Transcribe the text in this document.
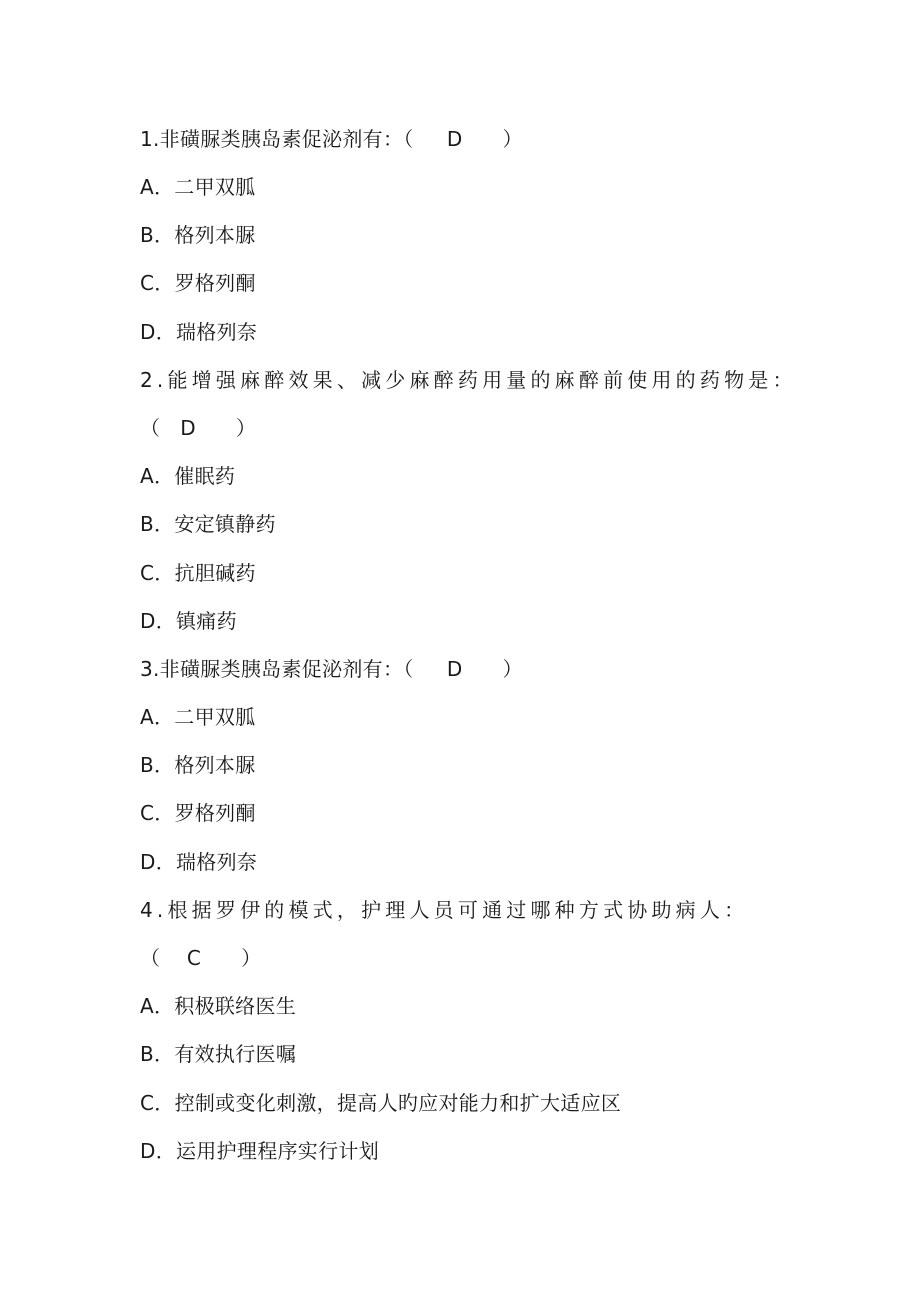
1.非磺脲类胰岛素促泌剂有：（     D      ）
A．二甲双胍
B．格列本脲
C．罗格列酮
D．瑞格列奈
2.能增强麻醉效果、减少麻醉药用量的麻醉前使用的药物是：
（   D      ）
A．催眠药
B．安定镇静药
C．抗胆碱药
D．镇痛药
3.非磺脲类胰岛素促泌剂有：（     D      ）
A．二甲双胍
B．格列本脲
C．罗格列酮
D．瑞格列奈
4.根据罗伊的模式，护理人员可通过哪种方式协助病人：
（    C      ）
A．积极联络医生
B．有效执行医嘱
C．控制或变化刺激，提高人旳应对能力和扩大适应区
D．运用护理程序实行计划
